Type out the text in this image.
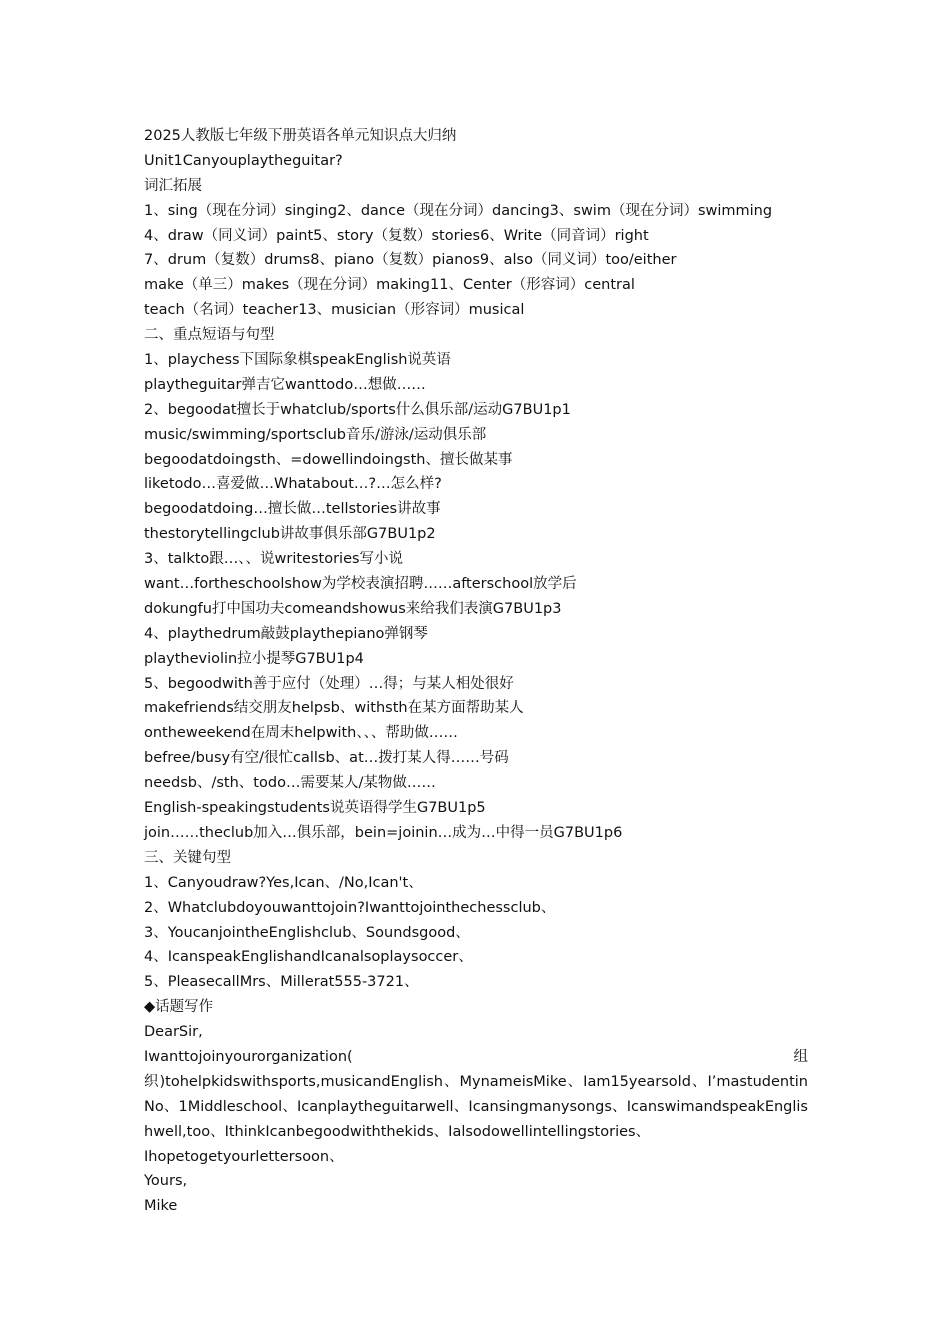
2025人教版七年级下册英语各单元知识点大归纳
Unit1Canyouplaytheguitar?
词汇拓展
1、sing（现在分词）singing2、dance（现在分词）dancing3、swim（现在分词）swimming
4、draw（同义词）paint5、story（复数）stories6、Write（同音词）right
7、drum（复数）drums8、piano（复数）pianos9、also（同义词）too/either
make（单三）makes（现在分词）making11、Center（形容词）central
teach（名词）teacher13、musician（形容词）musical
二、重点短语与句型
1、playchess下国际象棋speakEnglish说英语
playtheguitar弹吉它wanttodo…想做……
2、begoodat擅长于whatclub/sports什么俱乐部/运动G7BU1p1
music/swimming/sportsclub音乐/游泳/运动俱乐部
begoodatdoingsth、=dowellindoingsth、擅长做某事
liketodo…喜爱做…Whatabout…?…怎么样?
begoodatdoing…擅长做…tellstories讲故事
thestorytellingclub讲故事俱乐部G7BU1p2
3、talkto跟…、、说writestories写小说
want…fortheschoolshow为学校表演招聘……afterschool放学后
dokungfu打中国功夫comeandshowus来给我们表演G7BU1p3
4、playthedrum敲鼓playthepiano弹钢琴
playtheviolin拉小提琴G7BU1p4
5、begoodwith善于应付（处理）…得；与某人相处很好
makefriends结交朋友helpsb、withsth在某方面帮助某人
ontheweekend在周末helpwith、、、帮助做……
befree/busy有空/很忙callsb、at…拨打某人得……号码
needsb、/sth、todo…需要某人/某物做……
English-speakingstudents说英语得学生G7BU1p5
join……theclub加入…俱乐部，bein=joinin…成为…中得一员G7BU1p6
三、关键句型
1、Canyoudraw?Yes,Ican、/No,Ican't、
2、Whatclubdoyouwanttojoin?Iwanttojointhechessclub、
3、YoucanjointheEnglishclub、Soundsgood、
4、IcanspeakEnglishandIcanalsoplaysoccer、
5、PleasecallMrs、Millerat555-3721、
◆话题写作
DearSir,
Iwanttojoinyourorganization(	组
织)tohelpkidswithsports,musicandEnglish、MynameisMike、Iam15yearsold、I’mastudentinNo、1Middleschool、Icanplaytheguitarwell、Icansingmanysongs、IcanswimandspeakEnglishwell,too、IthinkIcanbegoodwiththekids、Ialsodowellintellingstories、
Ihopetogetyourlettersoon、
Yours,
Mike
